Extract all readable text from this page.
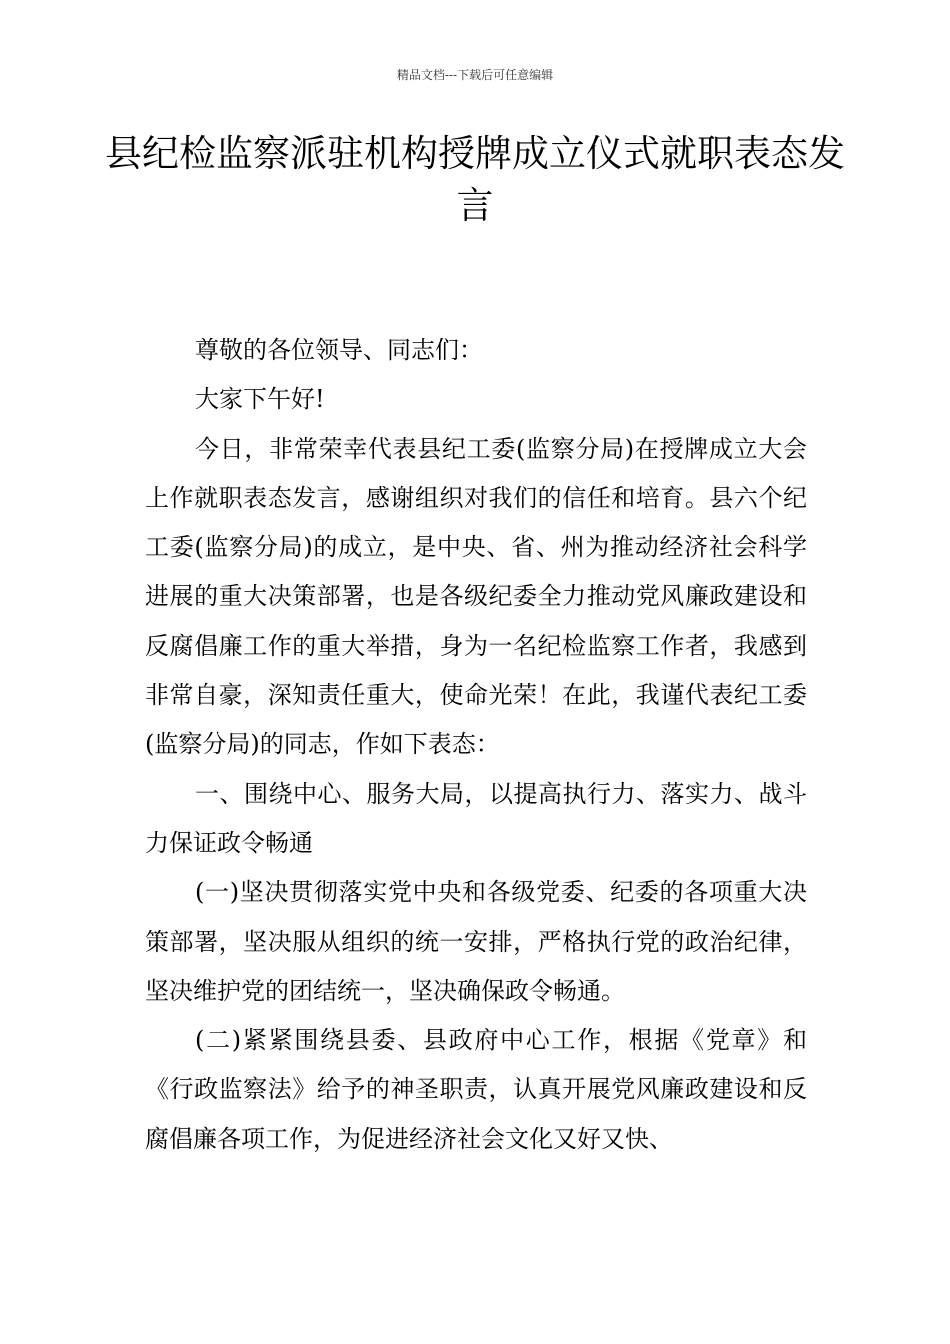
精品文档---下载后可任意编辑
县纪检监察派驻机构授牌成立仪式就职表态发言

尊敬的各位领导、同志们：

大家下午好!

今日，非常荣幸代表县纪工委(监察分局)在授牌成立大会上作就职表态发言，感谢组织对我们的信任和培育。县六个纪工委(监察分局)的成立，是中央、省、州为推动经济社会科学进展的重大决策部署，也是各级纪委全力推动党风廉政建设和反腐倡廉工作的重大举措，身为一名纪检监察工作者，我感到非常自豪，深知责任重大，使命光荣！在此，我谨代表纪工委(监察分局)的同志，作如下表态：

一、围绕中心、服务大局，以提高执行力、落实力、战斗力保证政令畅通

(一)坚决贯彻落实党中央和各级党委、纪委的各项重大决策部署，坚决服从组织的统一安排，严格执行党的政治纪律，坚决维护党的团结统一，坚决确保政令畅通。

(二)紧紧围绕县委、县政府中心工作，根据《党章》和《行政监察法》给予的神圣职责，认真开展党风廉政建设和反腐倡廉各项工作，为促进经济社会文化又好又快、
